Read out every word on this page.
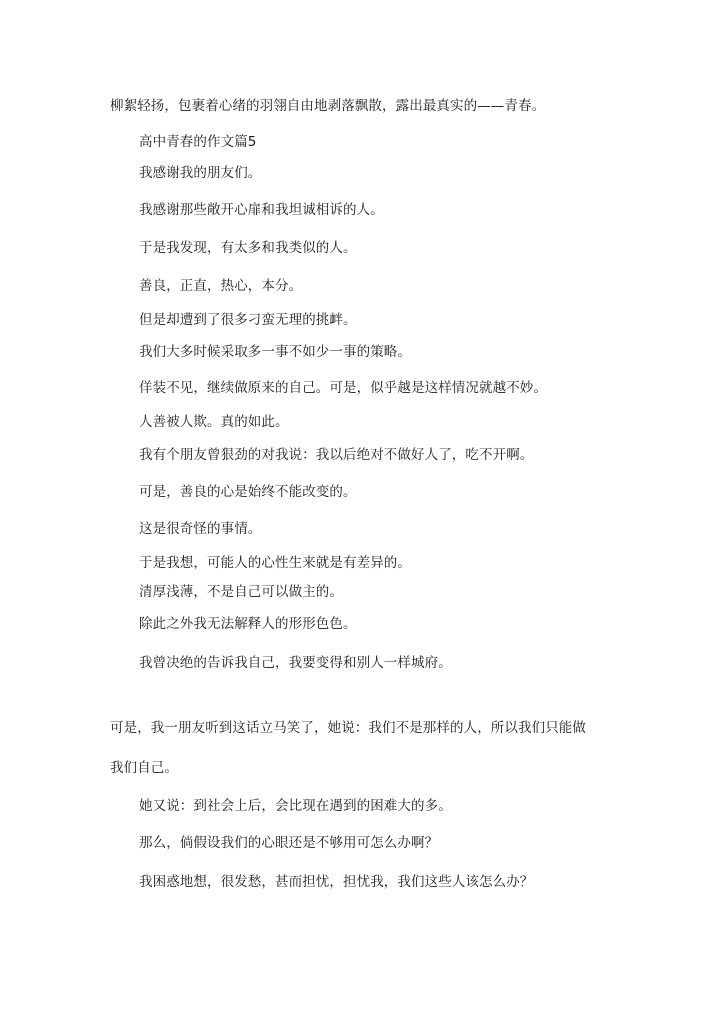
柳絮轻扬，包裹着心绪的羽翎自由地剥落飘散，露出最真实的——青春。

高中青春的作文篇5

我感谢我的朋友们。

我感谢那些敞开心扉和我坦诚相诉的人。

于是我发现，有太多和我类似的人。

善良，正直，热心，本分。

但是却遭到了很多刁蛮无理的挑衅。

我们大多时候采取多一事不如少一事的策略。

佯装不见，继续做原来的自己。可是，似乎越是这样情况就越不妙。

人善被人欺。真的如此。

我有个朋友曾狠劲的对我说：我以后绝对不做好人了，吃不开啊。

可是，善良的心是始终不能改变的。

这是很奇怪的事情。

于是我想，可能人的心性生来就是有差异的。

清厚浅薄，不是自己可以做主的。

除此之外我无法解释人的形形色色。

我曾决绝的告诉我自己，我要变得和别人一样城府。

可是，我一朋友听到这话立马笑了，她说：我们不是那样的人，所以我们只能做

我们自己。

她又说：到社会上后，会比现在遇到的困难大的多。

那么，倘假设我们的心眼还是不够用可怎么办啊？

我困惑地想，很发愁，甚而担忧，担忧我，我们这些人该怎么办？
